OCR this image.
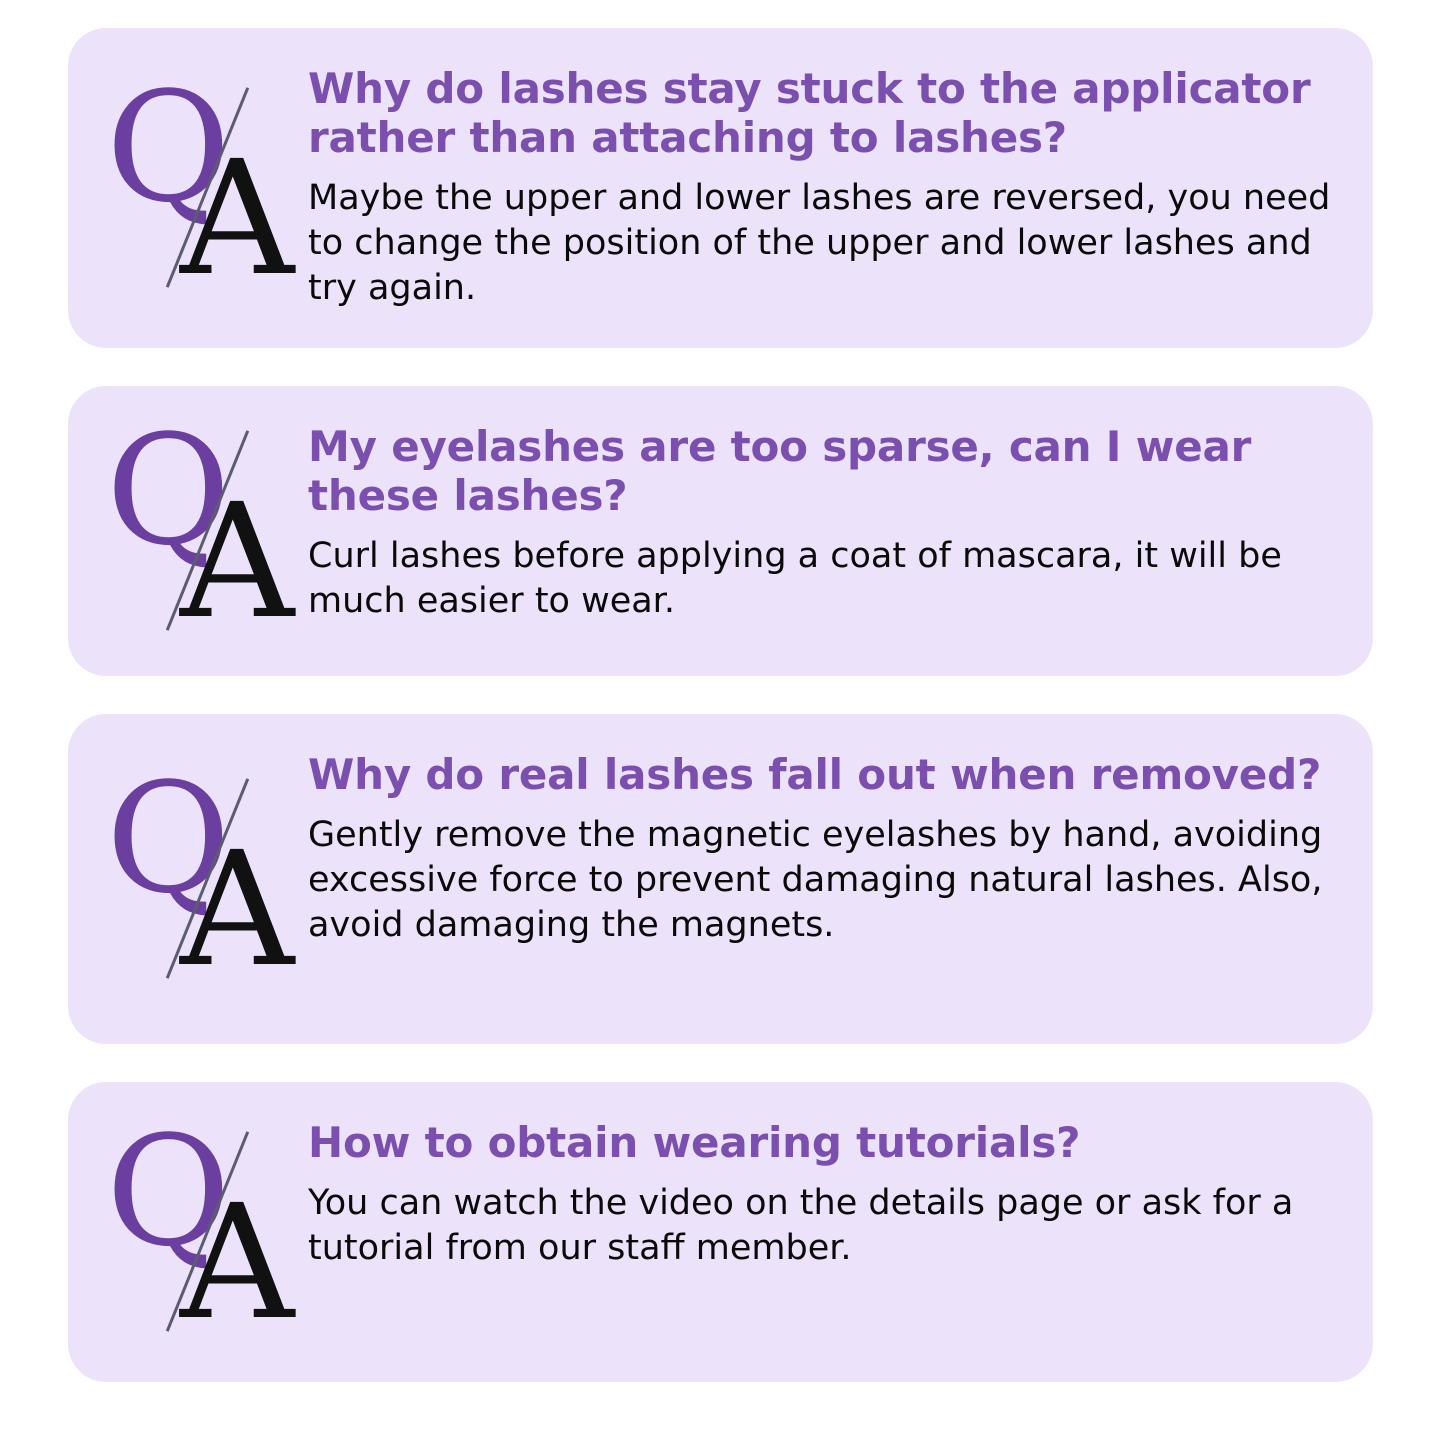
Q
A

Why do lashes stay stuck to the applicator rather than attaching to lashes?

Maybe the upper and lower lashes are reversed, you need to change the position of the upper and lower lashes and try again.

Q
A

My eyelashes are too sparse, can I wear these lashes?

Curl lashes before applying a coat of mascara, it will be much easier to wear.

Q
A

Why do real lashes fall out when removed?

Gently remove the magnetic eyelashes by hand, avoiding excessive force to prevent damaging natural lashes. Also, avoid damaging the magnets.

Q
A

How to obtain wearing tutorials?

You can watch the video on the details page or ask for a tutorial from our staff member.
